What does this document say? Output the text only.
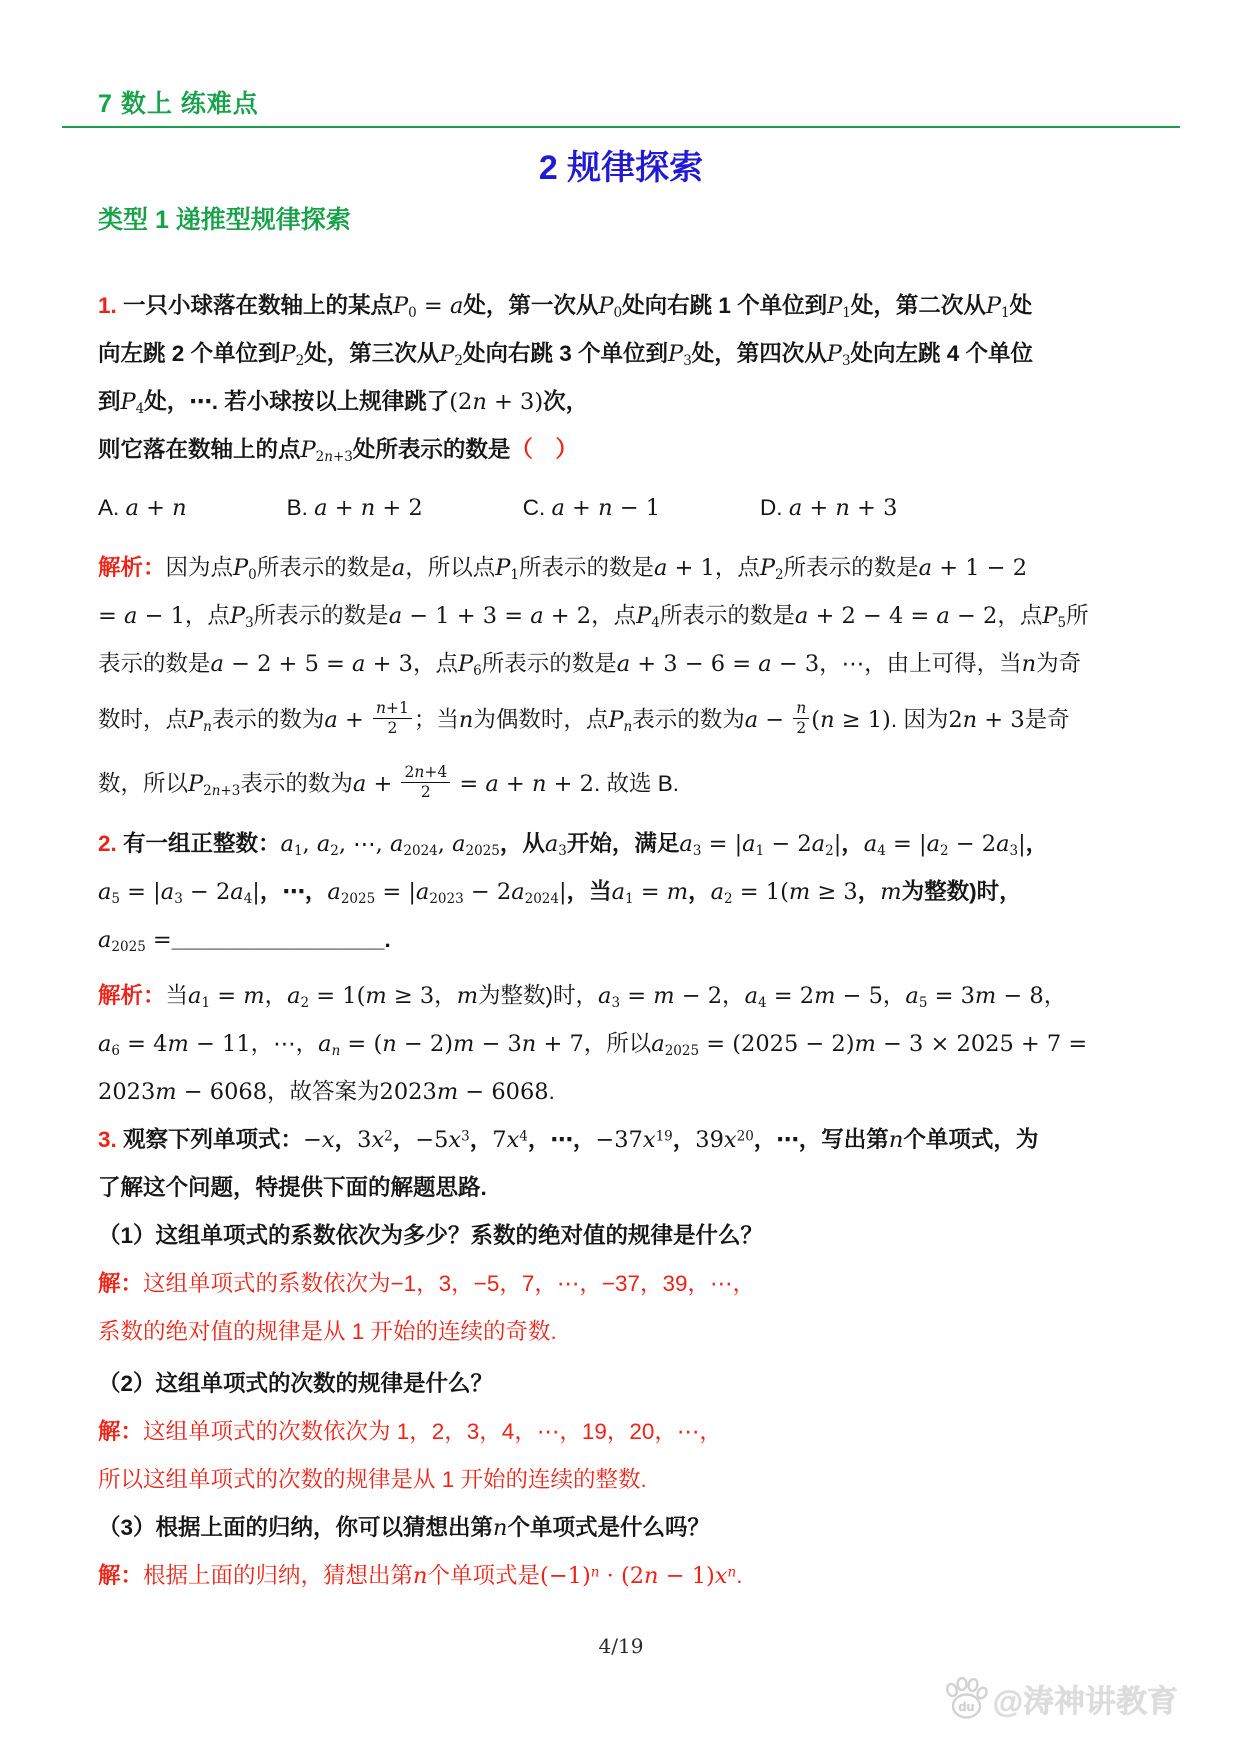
7 数上 练难点
2 规律探索
类型 1 递推型规律探索
1. 一只小球落在数轴上的某点$P_0 = a$处，第一次从$P_0$处向右跳 1 个单位到$P_1$处，第二次从$P_1$处
向左跳 2 个单位到$P_2$处，第三次从$P_2$处向右跳 3 个单位到$P_3$处，第四次从$P_3$处向左跳 4 个单位
到$P_4$处，⋯. 若小球按以上规律跳了(2n + 3)次，
则它落在数轴上的点$P_{2n+3}$处所表示的数是（　）
A. a + n	B. a + n + 2	C. a + n − 1	D. a + n + 3
解析：因为点$P_0$所表示的数是a，所以点$P_1$所表示的数是a + 1，点$P_2$所表示的数是a + 1 − 2
= a − 1，点$P_3$所表示的数是a − 1 + 3 = a + 2，点$P_4$所表示的数是a + 2 − 4 = a − 2，点$P_5$所
表示的数是a − 2 + 5 = a + 3，点$P_6$所表示的数是a + 3 − 6 = a − 3，⋯，由上可得，当n为奇
数时，点$P_n$表示的数为$a + \frac{n+1}{2}$ ；当n为偶数时，点$P_n$表示的数为$a - \frac{n}{2} (n \ge 1)$. 因为2n + 3是奇
数，所以$P_{2n+3}$表示的数为$a + \frac{2n+4}{2} = a + n + 2$. 故选 B.
2. 有一组正整数：$a_1$, $a_2$, ⋯, $a_{2024}$, $a_{2025}$，从$a_3$开始，满足$a_3 = |a_1 - 2a_2|$，$a_4 = |a_2 - 2a_3|$，
$a_5 = |a_3 - 2a_4|$，⋯，$a_{2025} = |a_{2023} - 2a_{2024}|$，当$a_1 = m$，$a_2 = 1(m \ge 3$，m为整数)时，
$a_{2025}$ =_________________.
解析：当$a_1 = m$，$a_2 = 1(m \ge 3$，m为整数)时，$a_3 = m - 2$，$a_4 = 2m - 5$，$a_5 = 3m - 8$，
$a_6 = 4m - 11$，⋯，$a_n = (n - 2)m - 3n + 7$，所以$a_{2025} = (2025 - 2)m - 3 \times 2025 + 7$ =
2023m − 6068，故答案为2023m − 6068.
3. 观察下列单项式：−x，$3x^2$，$-5x^3$，$7x^4$，⋯，$-37x^{19}$，$39x^{20}$，⋯，写出第n个单项式，为
了解这个问题，特提供下面的解题思路.
（1）这组单项式的系数依次为多少？系数的绝对值的规律是什么？
解：这组单项式的系数依次为−1，3，−5，7，⋯，−37，39，⋯，
系数的绝对值的规律是从 1 开始的连续的奇数.
（2）这组单项式的次数的规律是什么？
解：这组单项式的次数依次为 1，2，3，4，⋯，19，20，⋯，
所以这组单项式的次数的规律是从 1 开始的连续的整数.
（3）根据上面的归纳，你可以猜想出第n个单项式是什么吗？
解：根据上面的归纳，猜想出第n个单项式是$(-1)^n \cdot (2n - 1)x^n$.
4/19
du @涛神讲教育
